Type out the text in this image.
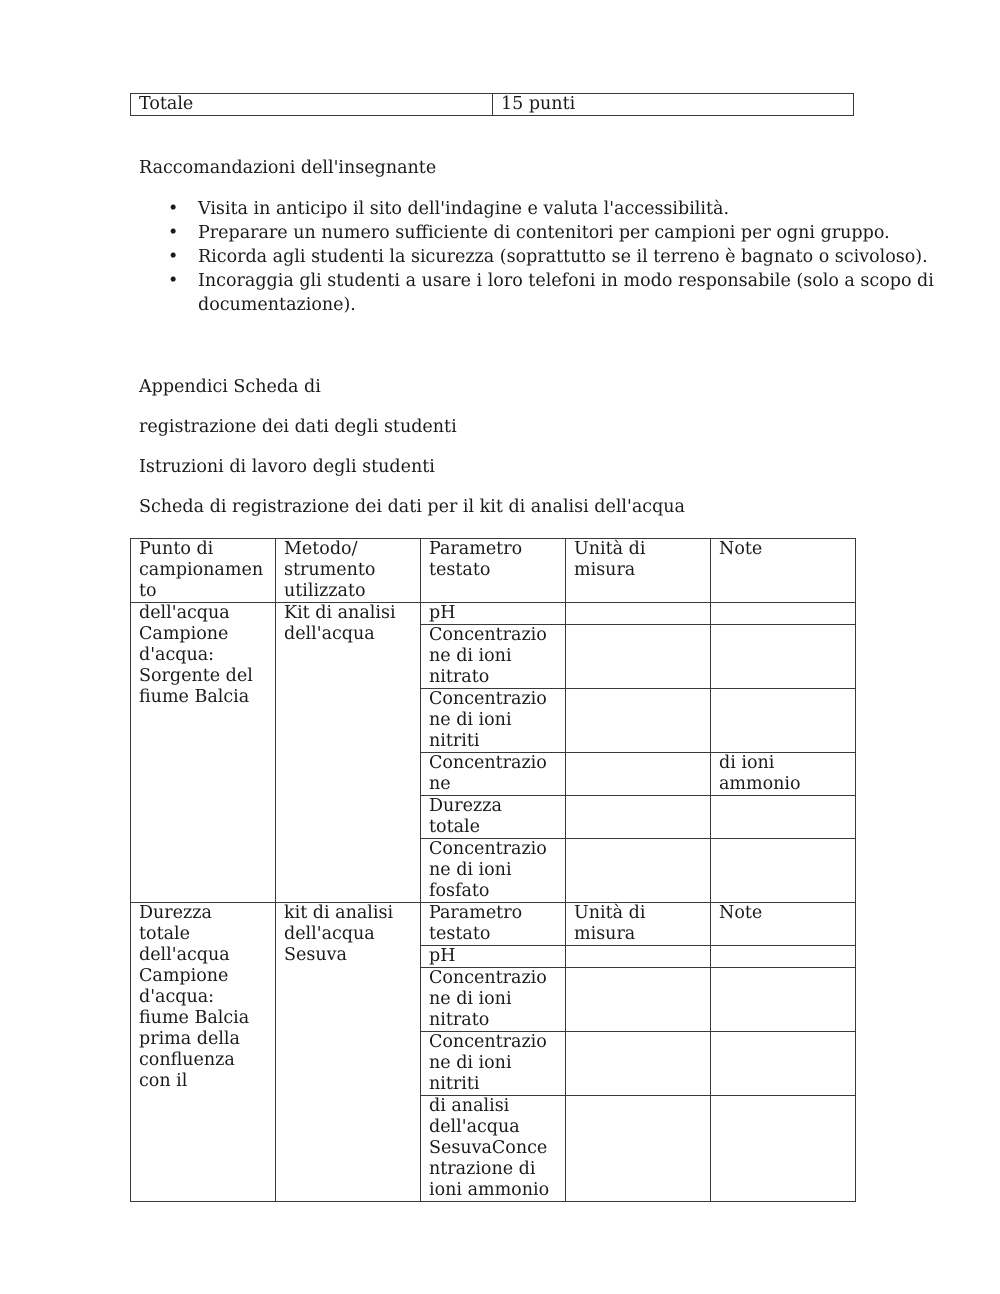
Totale	15 punti
Raccomandazioni dell'insegnante
• Visita in anticipo il sito dell'indagine e valuta l'accessibilità.
• Preparare un numero sufficiente di contenitori per campioni per ogni gruppo.
• Ricorda agli studenti la sicurezza (soprattutto se il terreno è bagnato o scivoloso).
• Incoraggia gli studenti a usare i loro telefoni in modo responsabile (solo a scopo di documentazione).
Appendici Scheda di
registrazione dei dati degli studenti
Istruzioni di lavoro degli studenti
Scheda di registrazione dei dati per il kit di analisi dell'acqua
Punto di campionamento	Metodo/ strumento utilizzato	Parametro testato	Unità di misura	Note
dell'acqua Campione d'acqua: Sorgente del fiume Balcia	Kit di analisi dell'acqua	pH		
		Concentrazione di ioni nitrato		
		Concentrazione di ioni nitriti		
		Concentrazione		di ioni ammonio
		Durezza totale		
		Concentrazione di ioni fosfato		
Durezza totale dell'acqua Campione d'acqua: fiume Balcia prima della confluenza con il	kit di analisi dell'acqua Sesuva	Parametro testato	Unità di misura	Note
		pH		
		Concentrazione di ioni nitrato		
		Concentrazione di ioni nitriti		
		di analisi dell'acqua SesuvaConcentrazione di ioni ammonio		
